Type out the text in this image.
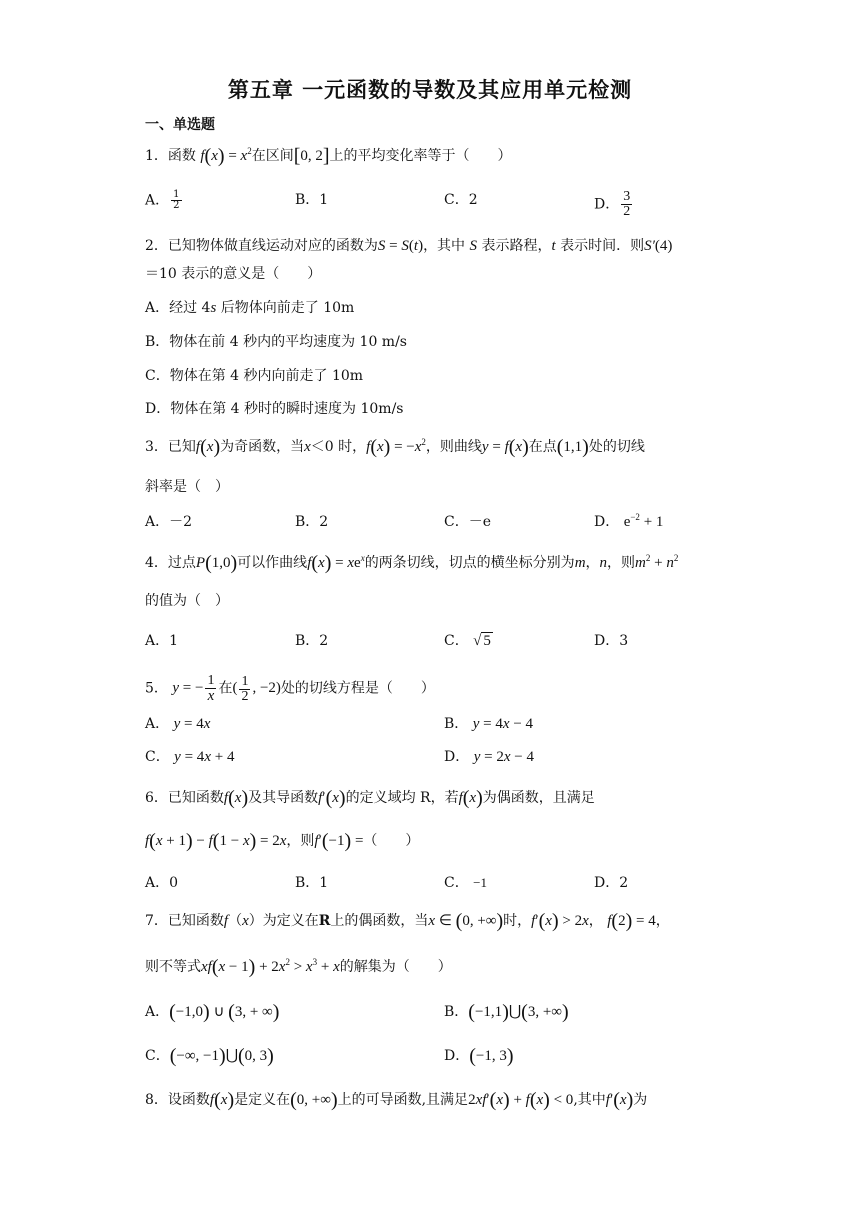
第五章 一元函数的导数及其应用单元检测
一、单选题
1．函数 $f(x) = x^2$在区间[0, 2]上的平均变化率等于（　　）
A． $\frac{1}{2}$	B．1	C．2	D． $\frac{3}{2}$
2．已知物体做直线运动对应的函数为S = S(t)，其中 S 表示路程，t 表示时间．则S′(4)
＝10 表示的意义是（　　）
A．经过 4s 后物体向前走了 10m
B．物体在前 4 秒内的平均速度为 10 m/s
C．物体在第 4 秒内向前走了 10m
D．物体在第 4 秒时的瞬时速度为 10m/s
3．已知f(x)为奇函数，当x＜0 时，$f(x) = -x^2$，则曲线y = f(x)在点(1,1)处的切线
斜率是（　）
A．－2	B．2	C．－e	D． $e^{-2} + 1$
4．过点P(1,0)可以作曲线$f(x) = xe^x$的两条切线，切点的横坐标分别为m，n，则$m^2 + n^2$
的值为（　）
A．1	B．2	C． √ 5	D．3
5． y = − $\frac{1}{x}$ 在( $\frac{1}{2}$ , −2)处的切线方程是（　　）
A． y = 4x	B． y = 4x − 4
C． y = 4x + 4	D． y = 2x − 4
6．已知函数f(x)及其导函数f′(x)的定义域均 R，若f(x)为偶函数，且满足
f(x + 1) − f(1 − x) = 2x，则f′(−1) =（　　）
A．0	B．1	C． −1	D．2
7．已知函数f（x）为定义在R上的偶函数，当x ∈ (0, +∞)时，f′(x) > 2x， f(2) = 4，
则不等式$xf(x - 1) + 2x^2 > x^3 + x$的解集为（　　）
A．(−1,0) ∪ (3, + ∞)	B．(−1,1)⋃(3, +∞)
C．(−∞, −1)⋃(0, 3)	D．(−1, 3)
8．设函数f(x)是定义在(0, +∞)上的可导函数,且满足2xf′(x) + f(x) < 0,其中f′(x)为
